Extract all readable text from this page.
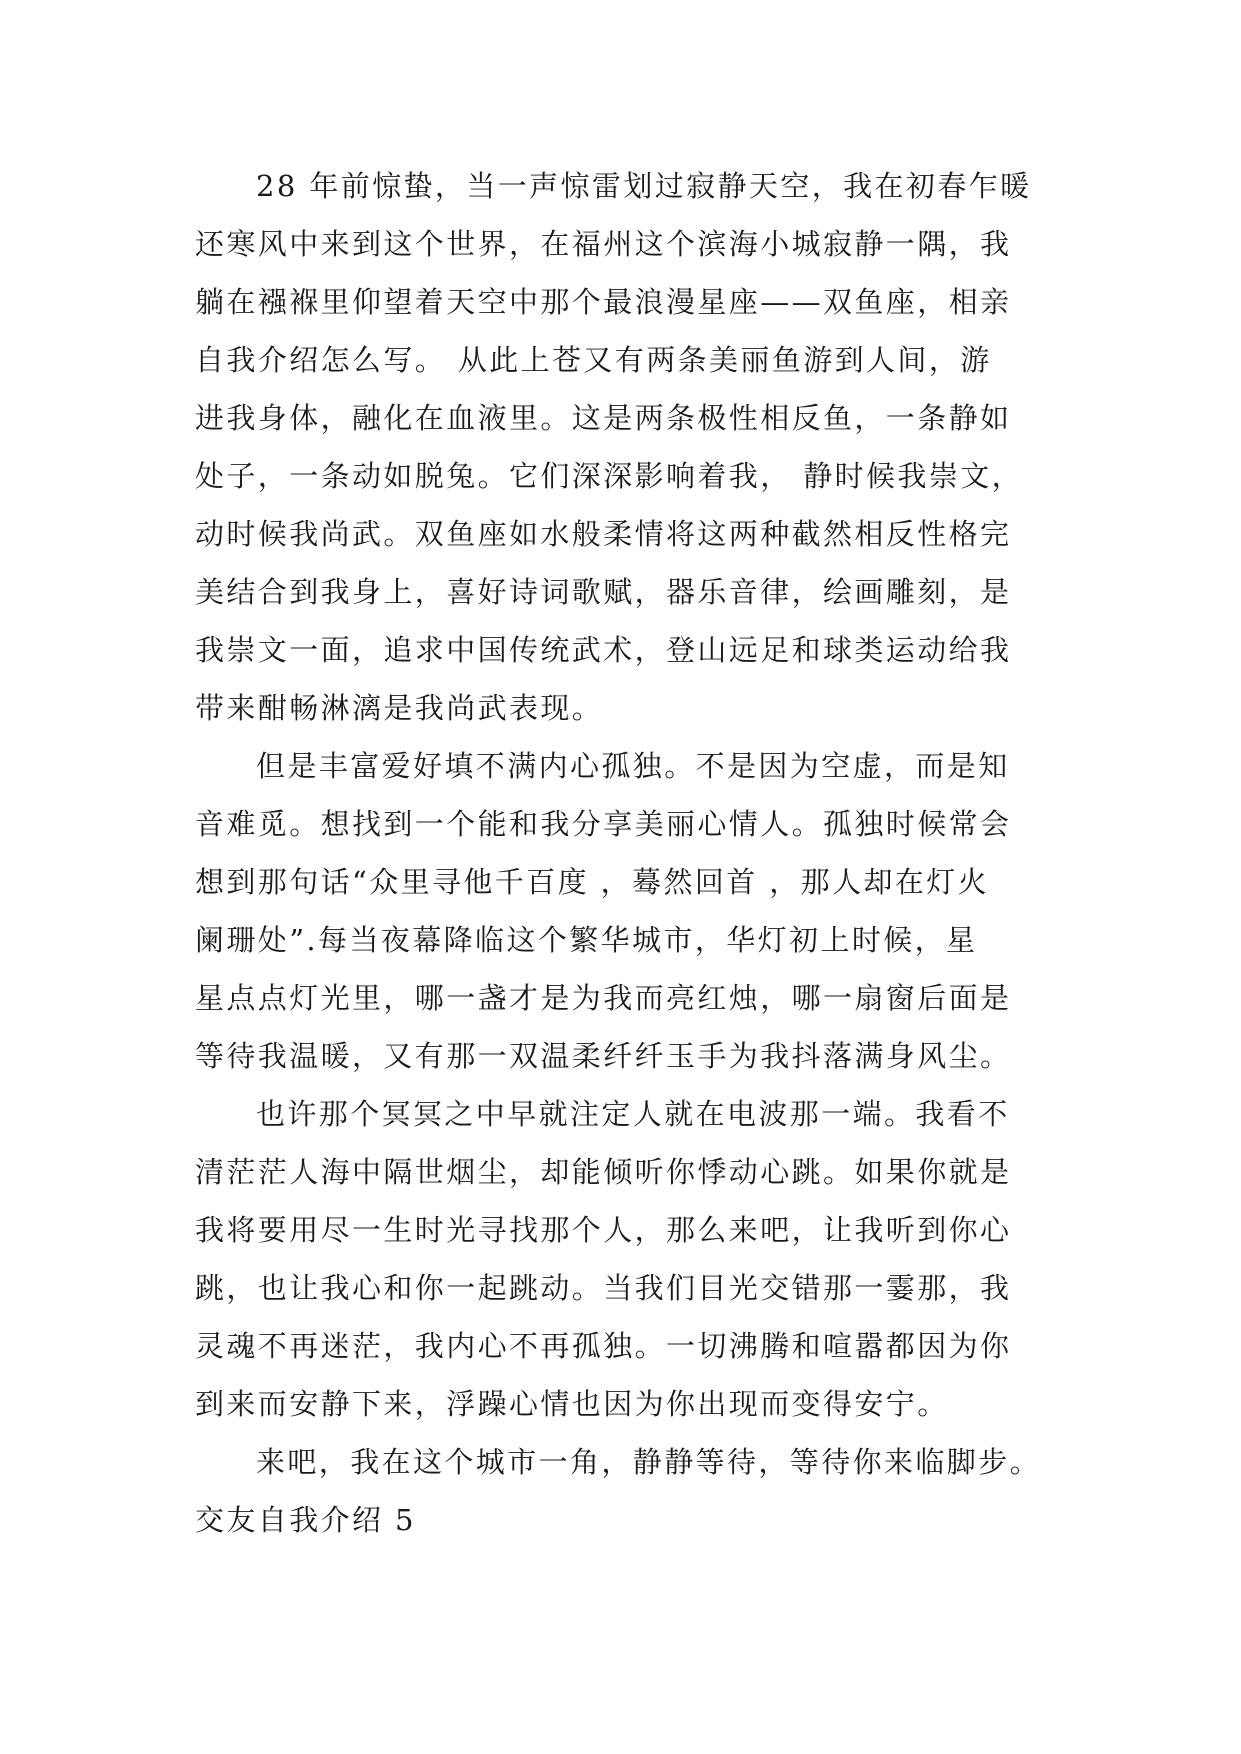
28 年前惊蛰，当一声惊雷划过寂静天空，我在初春乍暖
还寒风中来到这个世界，在福州这个滨海小城寂静一隅，我
躺在襁褓里仰望着天空中那个最浪漫星座——双鱼座，相亲
自我介绍怎么写。 从此上苍又有两条美丽鱼游到人间，游
进我身体，融化在血液里。这是两条极性相反鱼，一条静如
处子，一条动如脱兔。它们深深影响着我， 静时候我崇文，
动时候我尚武。双鱼座如水般柔情将这两种截然相反性格完
美结合到我身上，喜好诗词歌赋，器乐音律，绘画雕刻，是
我崇文一面，追求中国传统武术，登山远足和球类运动给我
带来酣畅淋漓是我尚武表现。
但是丰富爱好填不满内心孤独。不是因为空虚，而是知
音难觅。想找到一个能和我分享美丽心情人。孤独时候常会
想到那句话“众里寻他千百度 ，蓦然回首 ，那人却在灯火
阑珊处”.每当夜幕降临这个繁华城市，华灯初上时候，星
星点点灯光里，哪一盏才是为我而亮红烛，哪一扇窗后面是
等待我温暖，又有那一双温柔纤纤玉手为我抖落满身风尘。
也许那个冥冥之中早就注定人就在电波那一端。我看不
清茫茫人海中隔世烟尘，却能倾听你悸动心跳。如果你就是
我将要用尽一生时光寻找那个人，那么来吧，让我听到你心
跳，也让我心和你一起跳动。当我们目光交错那一霎那，我
灵魂不再迷茫，我内心不再孤独。一切沸腾和喧嚣都因为你
到来而安静下来，浮躁心情也因为你出现而变得安宁。
来吧，我在这个城市一角，静静等待，等待你来临脚步。
交友自我介绍 5
